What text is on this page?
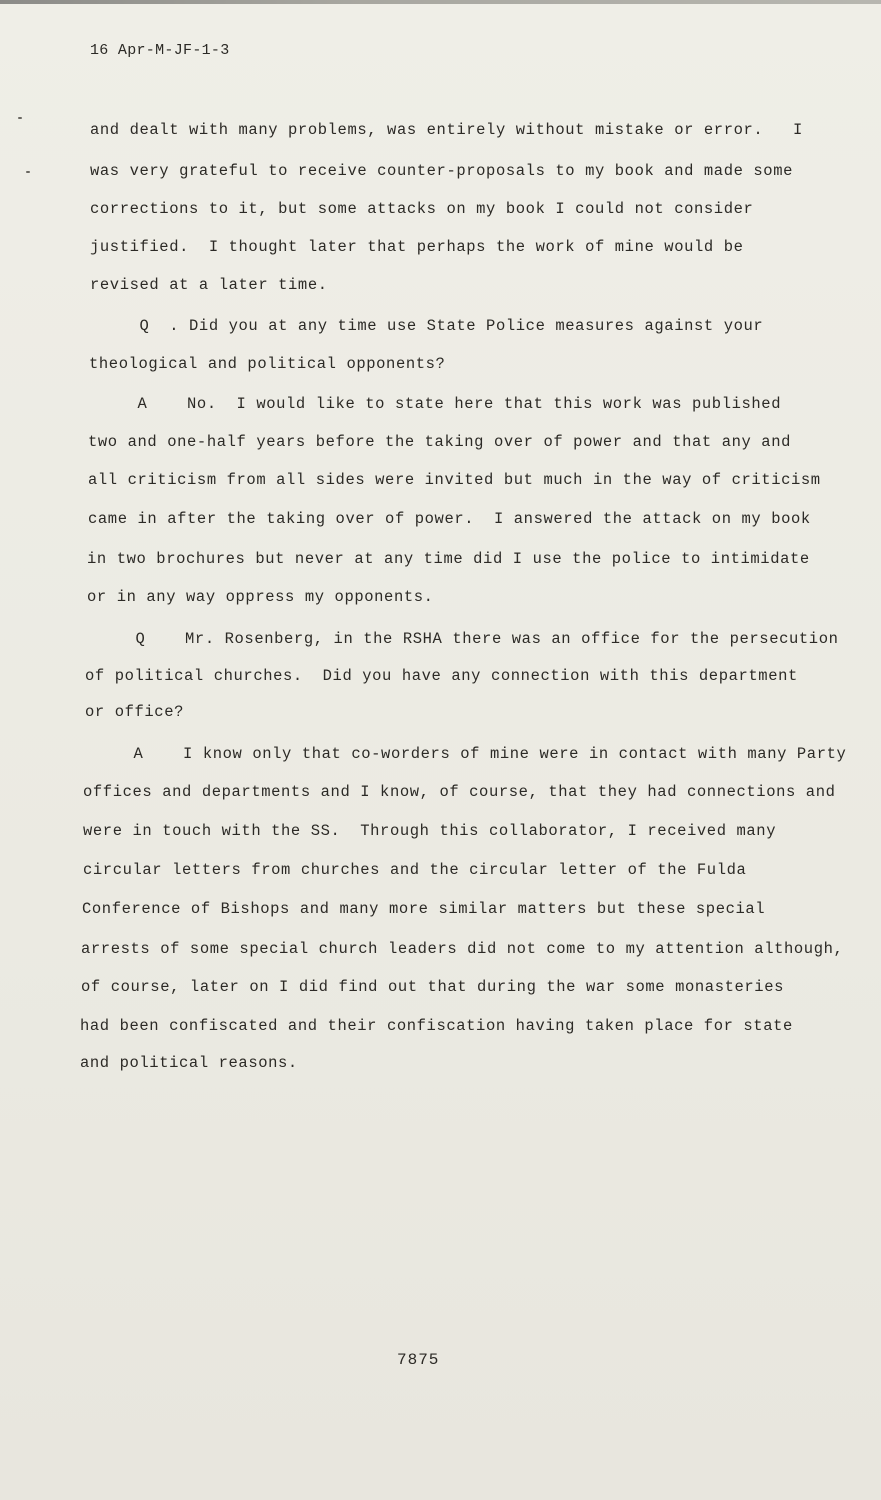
16 Apr-M-JF-1-3
and dealt with many problems, was entirely without mistake or error.   I
was very grateful to receive counter-proposals to my book and made some
corrections to it, but some attacks on my book I could not consider
justified.  I thought later that perhaps the work of mine would be
revised at a later time.
Q  . Did you at any time use State Police measures against your
theological and political opponents?
A    No.  I would like to state here that this work was published
two and one-half years before the taking over of power and that any and
all criticism from all sides were invited but much in the way of criticism
came in after the taking over of power.  I answered the attack on my book
in two brochures but never at any time did I use the police to intimidate
or in any way oppress my opponents.
Q    Mr. Rosenberg, in the RSHA there was an office for the persecution
of political churches.  Did you have any connection with this department
or office?
A    I know only that co-worders of mine were in contact with many Party
offices and departments and I know, of course, that they had connections and
were in touch with the SS.  Through this collaborator, I received many
circular letters from churches and the circular letter of the Fulda
Conference of Bishops and many more similar matters but these special
arrests of some special church leaders did not come to my attention although,
of course, later on I did find out that during the war some monasteries
had been confiscated and their confiscation having taken place for state
and political reasons.
7875
